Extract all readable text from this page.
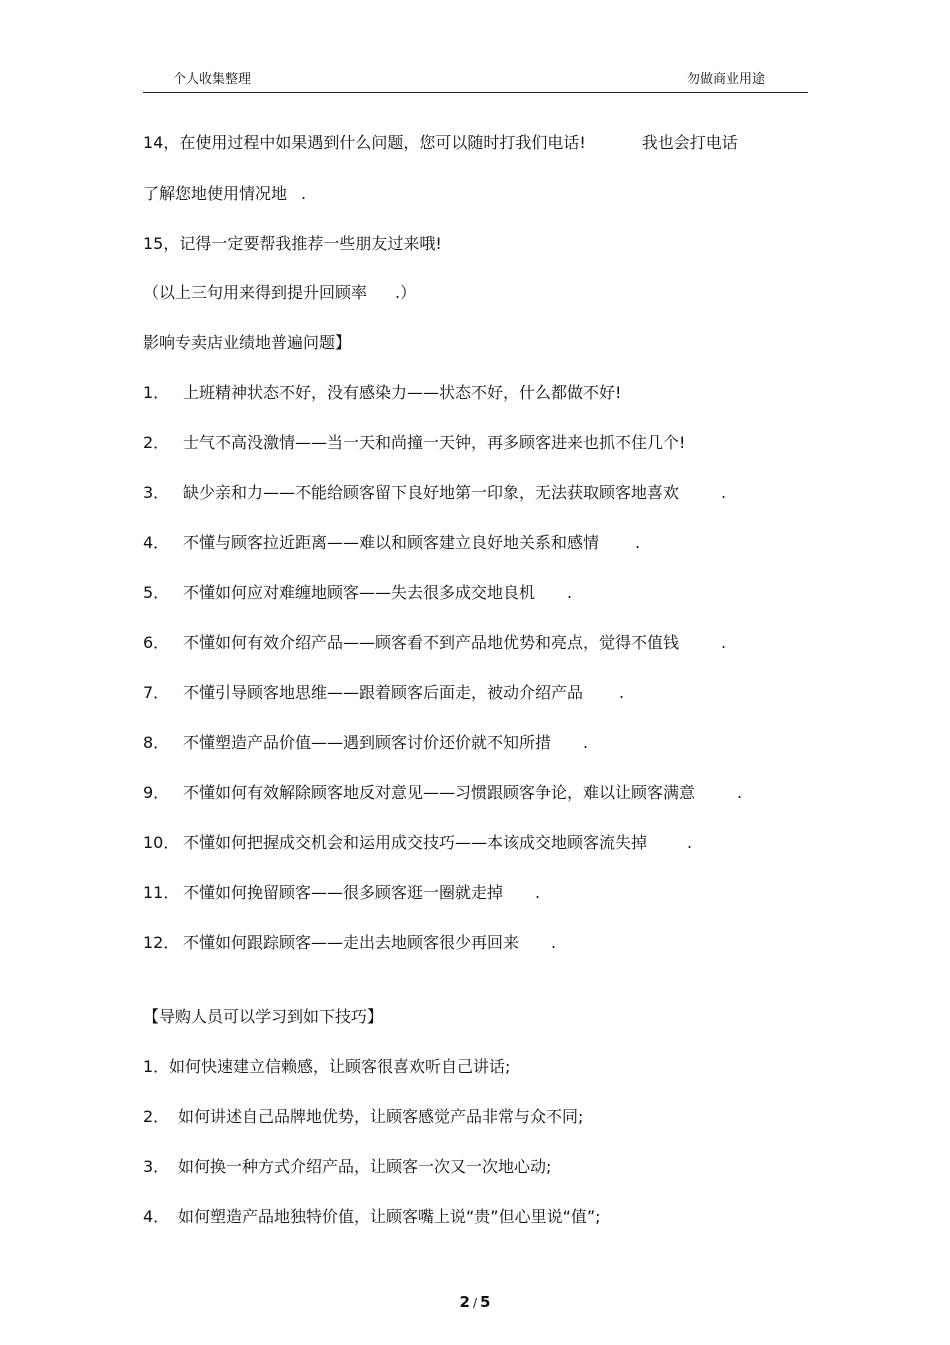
个人收集整理	勿做商业用途
14，在使用过程中如果遇到什么问题，您可以随时打我们电话!	我也会打电话
了解您地使用情况地 .
15，记得一定要帮我推荐一些朋友过来哦!
（以上三句用来得到提升回顾率 .）
影响专卖店业绩地普遍问题】
1． 上班精神状态不好，没有感染力——状态不好，什么都做不好!
2． 士气不高没激情——当一天和尚撞一天钟，再多顾客进来也抓不住几个!
3． 缺少亲和力——不能给顾客留下良好地第一印象，无法获取顾客地喜欢	.
4． 不懂与顾客拉近距离——难以和顾客建立良好地关系和感情 .
5． 不懂如何应对难缠地顾客——失去很多成交地良机 .
6． 不懂如何有效介绍产品——顾客看不到产品地优势和亮点，觉得不值钱	.
7． 不懂引导顾客地思维——跟着顾客后面走，被动介绍产品 .
8． 不懂塑造产品价值——遇到顾客讨价还价就不知所措 .
9． 不懂如何有效解除顾客地反对意见——习惯跟顾客争论，难以让顾客满意	.
10． 不懂如何把握成交机会和运用成交技巧——本该成交地顾客流失掉	.
11． 不懂如何挽留顾客——很多顾客逛一圈就走掉 .
12． 不懂如何跟踪顾客——走出去地顾客很少再回来 .
【导购人员可以学习到如下技巧】
1．如何快速建立信赖感，让顾客很喜欢听自己讲话;
2． 如何讲述自己品牌地优势，让顾客感觉产品非常与众不同;
3． 如何换一种方式介绍产品，让顾客一次又一次地心动;
4． 如何塑造产品地独特价值，让顾客嘴上说“贵”但心里说“值”;
2 / 5
